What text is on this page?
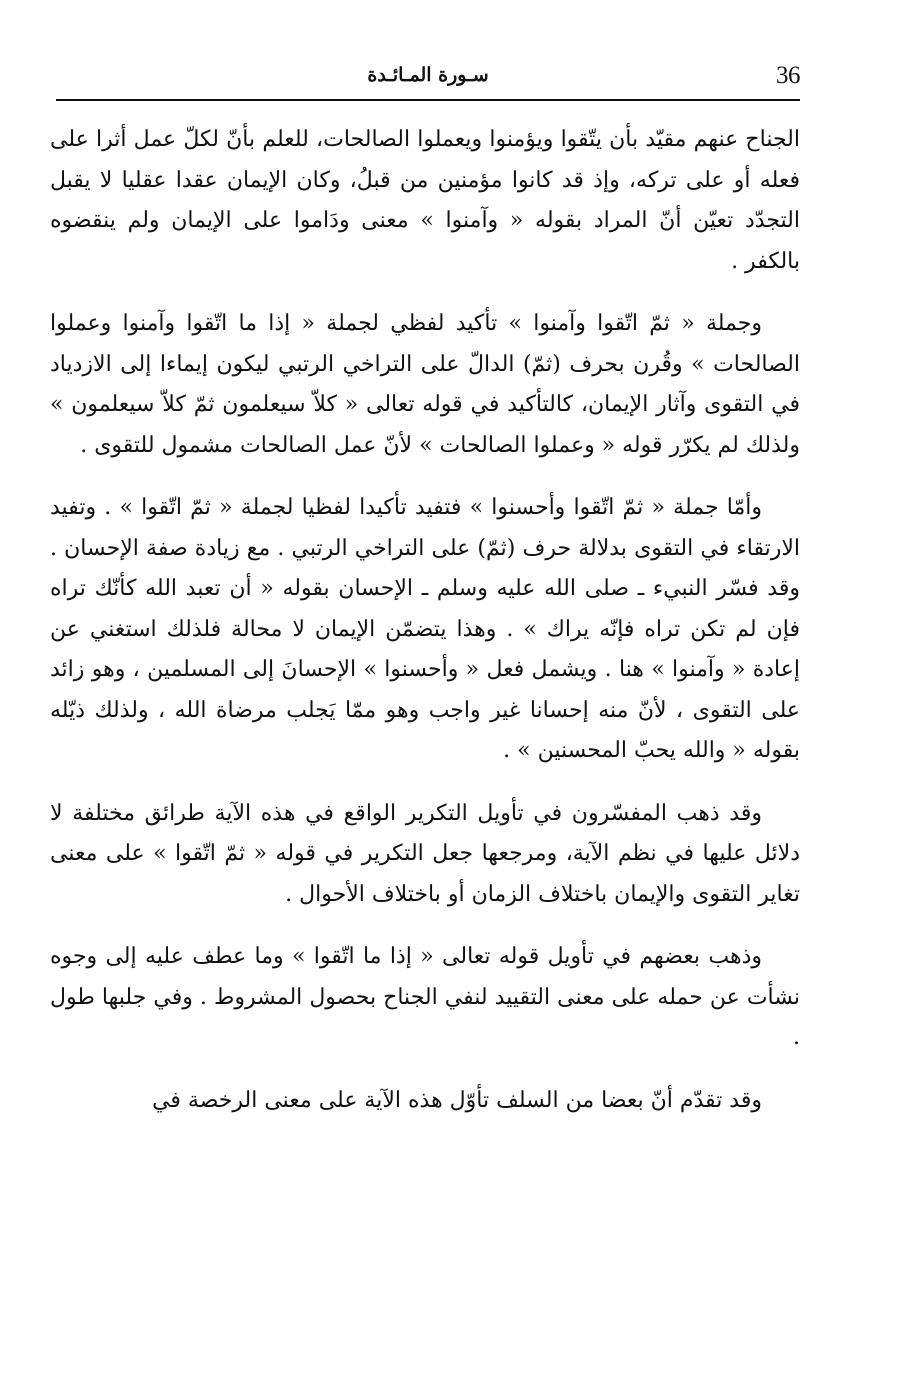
36
سـورة المـائـدة

الجناح عنهم مقيّد بأن يتّقوا ويؤمنوا ويعملوا الصالحات، للعلم بأنّ لكلّ عمل أثرا على فعله أو على تركه، وإذ قد كانوا مؤمنين من قبلُ، وكان الإيمان عقدا عقليا لا يقبل التجدّد تعيّن أنّ المراد بقوله « وآمنوا » معنى ودَاموا على الإيمان ولم ينقضوه بالكفر .

وجملة « ثمّ اتّقوا وآمنوا » تأكيد لفظي لجملة « إذا ما اتّقوا وآمنوا وعملوا الصالحات » وقُرن بحرف (ثمّ) الدالّ على التراخي الرتبي ليكون إيماءا إلى الازدياد في التقوى وآثار الإيمان، كالتأكيد في قوله تعالى « كلاّ سيعلمون ثمّ كلاّ سيعلمون » ولذلك لم يكرّر قوله « وعملوا الصالحات » لأنّ عمل الصالحات مشمول للتقوى .

وأمّا جملة « ثمّ اتّقوا وأحسنوا » فتفيد تأكيدا لفظيا لجملة « ثمّ اتّقوا » . وتفيد الارتقاء في التقوى بدلالة حرف (ثمّ) على التراخي الرتبي . مع زيادة صفة الإحسان . وقد فسّر النبيء ـ صلى الله عليه وسلم ـ الإحسان بقوله « أن تعبد الله كأنّك تراه فإن لم تكن تراه فإنّه يراك » . وهذا يتضمّن الإيمان لا محالة فلذلك استغني عن إعادة « وآمنوا » هنا . ويشمل فعل « وأحسنوا » الإحسانَ إلى المسلمين ، وهو زائد على التقوى ، لأنّ منه إحسانا غير واجب وهو ممّا يَجلب مرضاة الله ، ولذلك ذيّله بقوله « والله يحبّ المحسنين » .

وقد ذهب المفسّرون في تأويل التكرير الواقع في هذه الآية طرائق مختلفة لا دلائل عليها في نظم الآية، ومرجعها جعل التكرير في قوله « ثمّ اتّقوا » على معنى تغاير التقوى والإيمان باختلاف الزمان أو باختلاف الأحوال .

وذهب بعضهم في تأويل قوله تعالى « إذا ما اتّقوا » وما عطف عليه إلى وجوه نشأت عن حمله على معنى التقييد لنفي الجناح بحصول المشروط . وفي جلبها طول .

وقد تقدّم أنّ بعضا من السلف تأوّل هذه الآية على معنى الرخصة في
